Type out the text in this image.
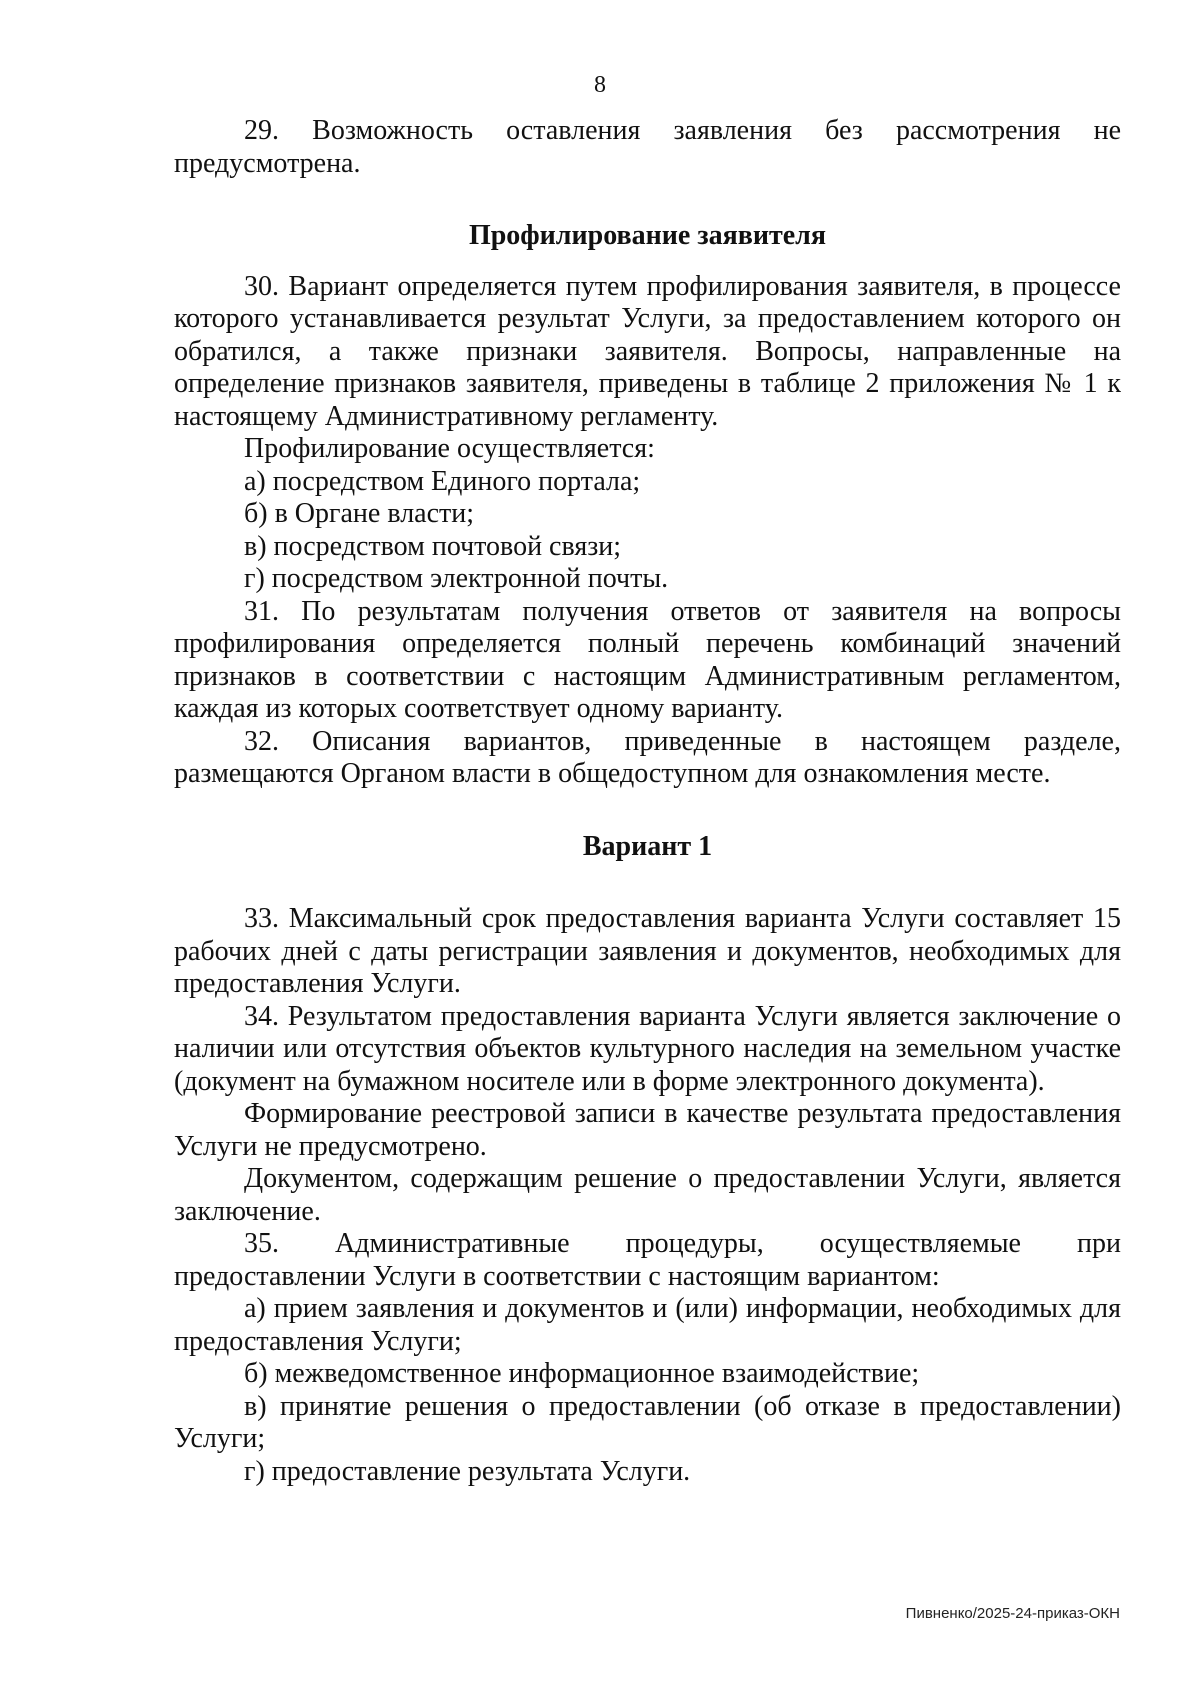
8

29. Возможность оставления заявления без рассмотрения не предусмотрена.

Профилирование заявителя

30. Вариант определяется путем профилирования заявителя, в процессе которого устанавливается результат Услуги, за предоставлением которого он обратился, а также признаки заявителя. Вопросы, направленные на определение признаков заявителя, приведены в таблице 2 приложения № 1 к настоящему Административному регламенту.

Профилирование осуществляется:

а) посредством Единого портала;

б) в Органе власти;

в) посредством почтовой связи;

г) посредством электронной почты.

31. По результатам получения ответов от заявителя на вопросы профилирования определяется полный перечень комбинаций значений признаков в соответствии с настоящим Административным регламентом, каждая из которых соответствует одному варианту.

32. Описания вариантов, приведенные в настоящем разделе, размещаются Органом власти в общедоступном для ознакомления месте.

Вариант 1

33. Максимальный срок предоставления варианта Услуги составляет 15 рабочих дней с даты регистрации заявления и документов, необходимых для предоставления Услуги.

34. Результатом предоставления варианта Услуги является заключение о наличии или отсутствия объектов культурного наследия на земельном участке (документ на бумажном носителе или в форме электронного документа).

Формирование реестровой записи в качестве результата предоставления Услуги не предусмотрено.

Документом, содержащим решение о предоставлении Услуги, является заключение.

35. Административные процедуры, осуществляемые при предоставлении Услуги в соответствии с настоящим вариантом:

а) прием заявления и документов и (или) информации, необходимых для предоставления Услуги;

б) межведомственное информационное взаимодействие;

в) принятие решения о предоставлении (об отказе в предоставлении) Услуги;

г) предоставление результата Услуги.

Пивненко/2025-24-приказ-ОКН
